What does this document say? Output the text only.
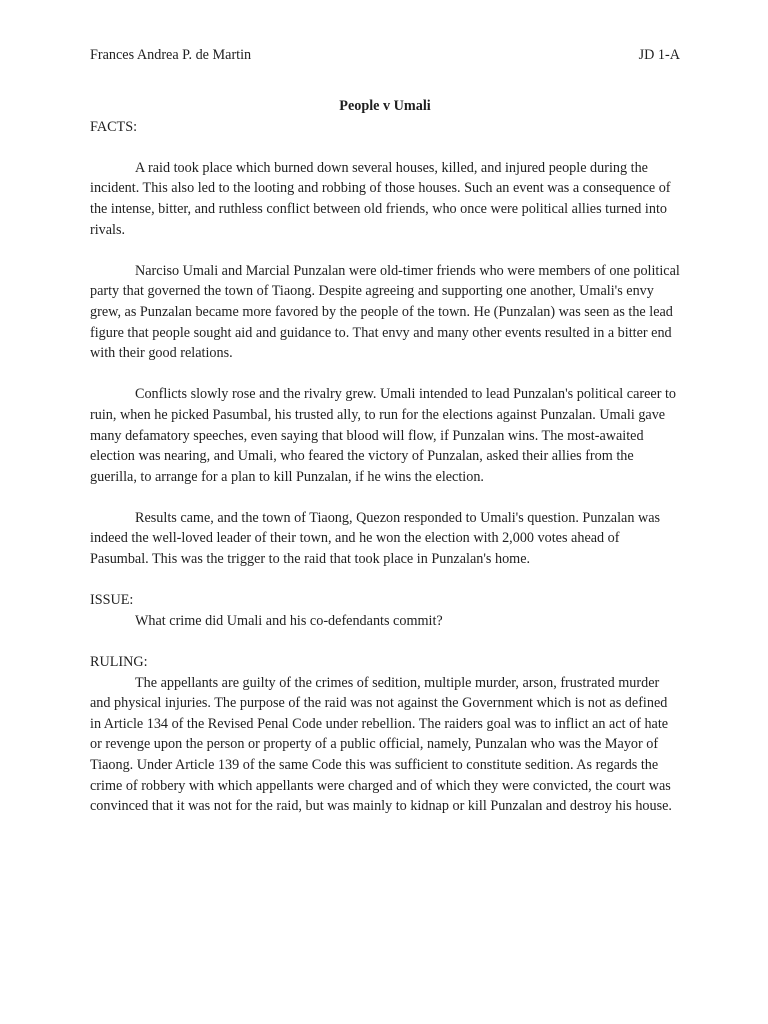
Frances Andrea P. de Martin	JD 1-A
People v Umali
FACTS:

A raid took place which burned down several houses, killed, and injured people during the incident. This also led to the looting and robbing of those houses. Such an event was a consequence of the intense, bitter, and ruthless conflict between old friends, who once were political allies turned into rivals.

Narciso Umali and Marcial Punzalan were old-timer friends who were members of one political party that governed the town of Tiaong. Despite agreeing and supporting one another, Umali's envy grew, as Punzalan became more favored by the people of the town. He (Punzalan) was seen as the lead figure that people sought aid and guidance to. That envy and many other events resulted in a bitter end with their good relations.

Conflicts slowly rose and the rivalry grew. Umali intended to lead Punzalan's political career to ruin, when he picked Pasumbal, his trusted ally, to run for the elections against Punzalan. Umali gave many defamatory speeches, even saying that blood will flow, if Punzalan wins. The most-awaited election was nearing, and Umali, who feared the victory of Punzalan, asked their allies from the guerilla, to arrange for a plan to kill Punzalan, if he wins the election.

Results came, and the town of Tiaong, Quezon responded to Umali's question. Punzalan was indeed the well-loved leader of their town, and he won the election with 2,000 votes ahead of Pasumbal. This was the trigger to the raid that took place in Punzalan's home.

ISSUE:
What crime did Umali and his co-defendants commit?
RULING:

The appellants are guilty of the crimes of sedition, multiple murder, arson, frustrated murder and physical injuries. The purpose of the raid was not against the Government which is not as defined in Article 134 of the Revised Penal Code under rebellion. The raiders goal was to inflict an act of hate or revenge upon the person or property of a public official, namely, Punzalan who was the Mayor of Tiaong. Under Article 139 of the same Code this was sufficient to constitute sedition. As regards the crime of robbery with which appellants were charged and of which they were convicted, the court was convinced that it was not for the raid, but was mainly to kidnap or kill Punzalan and destroy his house.
